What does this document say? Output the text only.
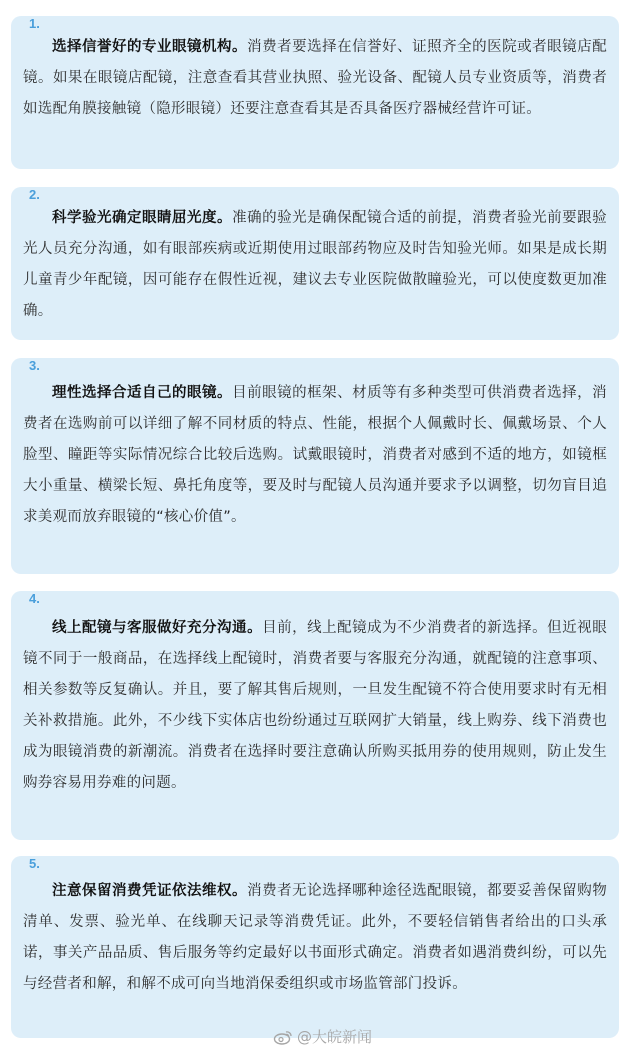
1.
选择信誉好的专业眼镜机构。消费者要选择在信誉好、证照齐全的医院或者眼镜店配镜。如果在眼镜店配镜，注意查看其营业执照、验光设备、配镜人员专业资质等，消费者如选配角膜接触镜（隐形眼镜）还要注意查看其是否具备医疗器械经营许可证。
2.
科学验光确定眼睛屈光度。准确的验光是确保配镜合适的前提，消费者验光前要跟验光人员充分沟通，如有眼部疾病或近期使用过眼部药物应及时告知验光师。如果是成长期儿童青少年配镜，因可能存在假性近视，建议去专业医院做散瞳验光，可以使度数更加准确。
3.
理性选择合适自己的眼镜。目前眼镜的框架、材质等有多种类型可供消费者选择，消费者在选购前可以详细了解不同材质的特点、性能，根据个人佩戴时长、佩戴场景、个人脸型、瞳距等实际情况综合比较后选购。试戴眼镜时，消费者对感到不适的地方，如镜框大小重量、横梁长短、鼻托角度等，要及时与配镜人员沟通并要求予以调整，切勿盲目追求美观而放弃眼镜的“核心价值”。
4.
线上配镜与客服做好充分沟通。目前，线上配镜成为不少消费者的新选择。但近视眼镜不同于一般商品，在选择线上配镜时，消费者要与客服充分沟通，就配镜的注意事项、相关参数等反复确认。并且，要了解其售后规则，一旦发生配镜不符合使用要求时有无相关补救措施。此外，不少线下实体店也纷纷通过互联网扩大销量，线上购券、线下消费也成为眼镜消费的新潮流。消费者在选择时要注意确认所购买抵用券的使用规则，防止发生购券容易用券难的问题。
5.
注意保留消费凭证依法维权。消费者无论选择哪种途径选配眼镜，都要妥善保留购物清单、发票、验光单、在线聊天记录等消费凭证。此外，不要轻信销售者给出的口头承诺，事关产品品质、售后服务等约定最好以书面形式确定。消费者如遇消费纠纷，可以先与经营者和解，和解不成可向当地消保委组织或市场监管部门投诉。
@大皖新闻
